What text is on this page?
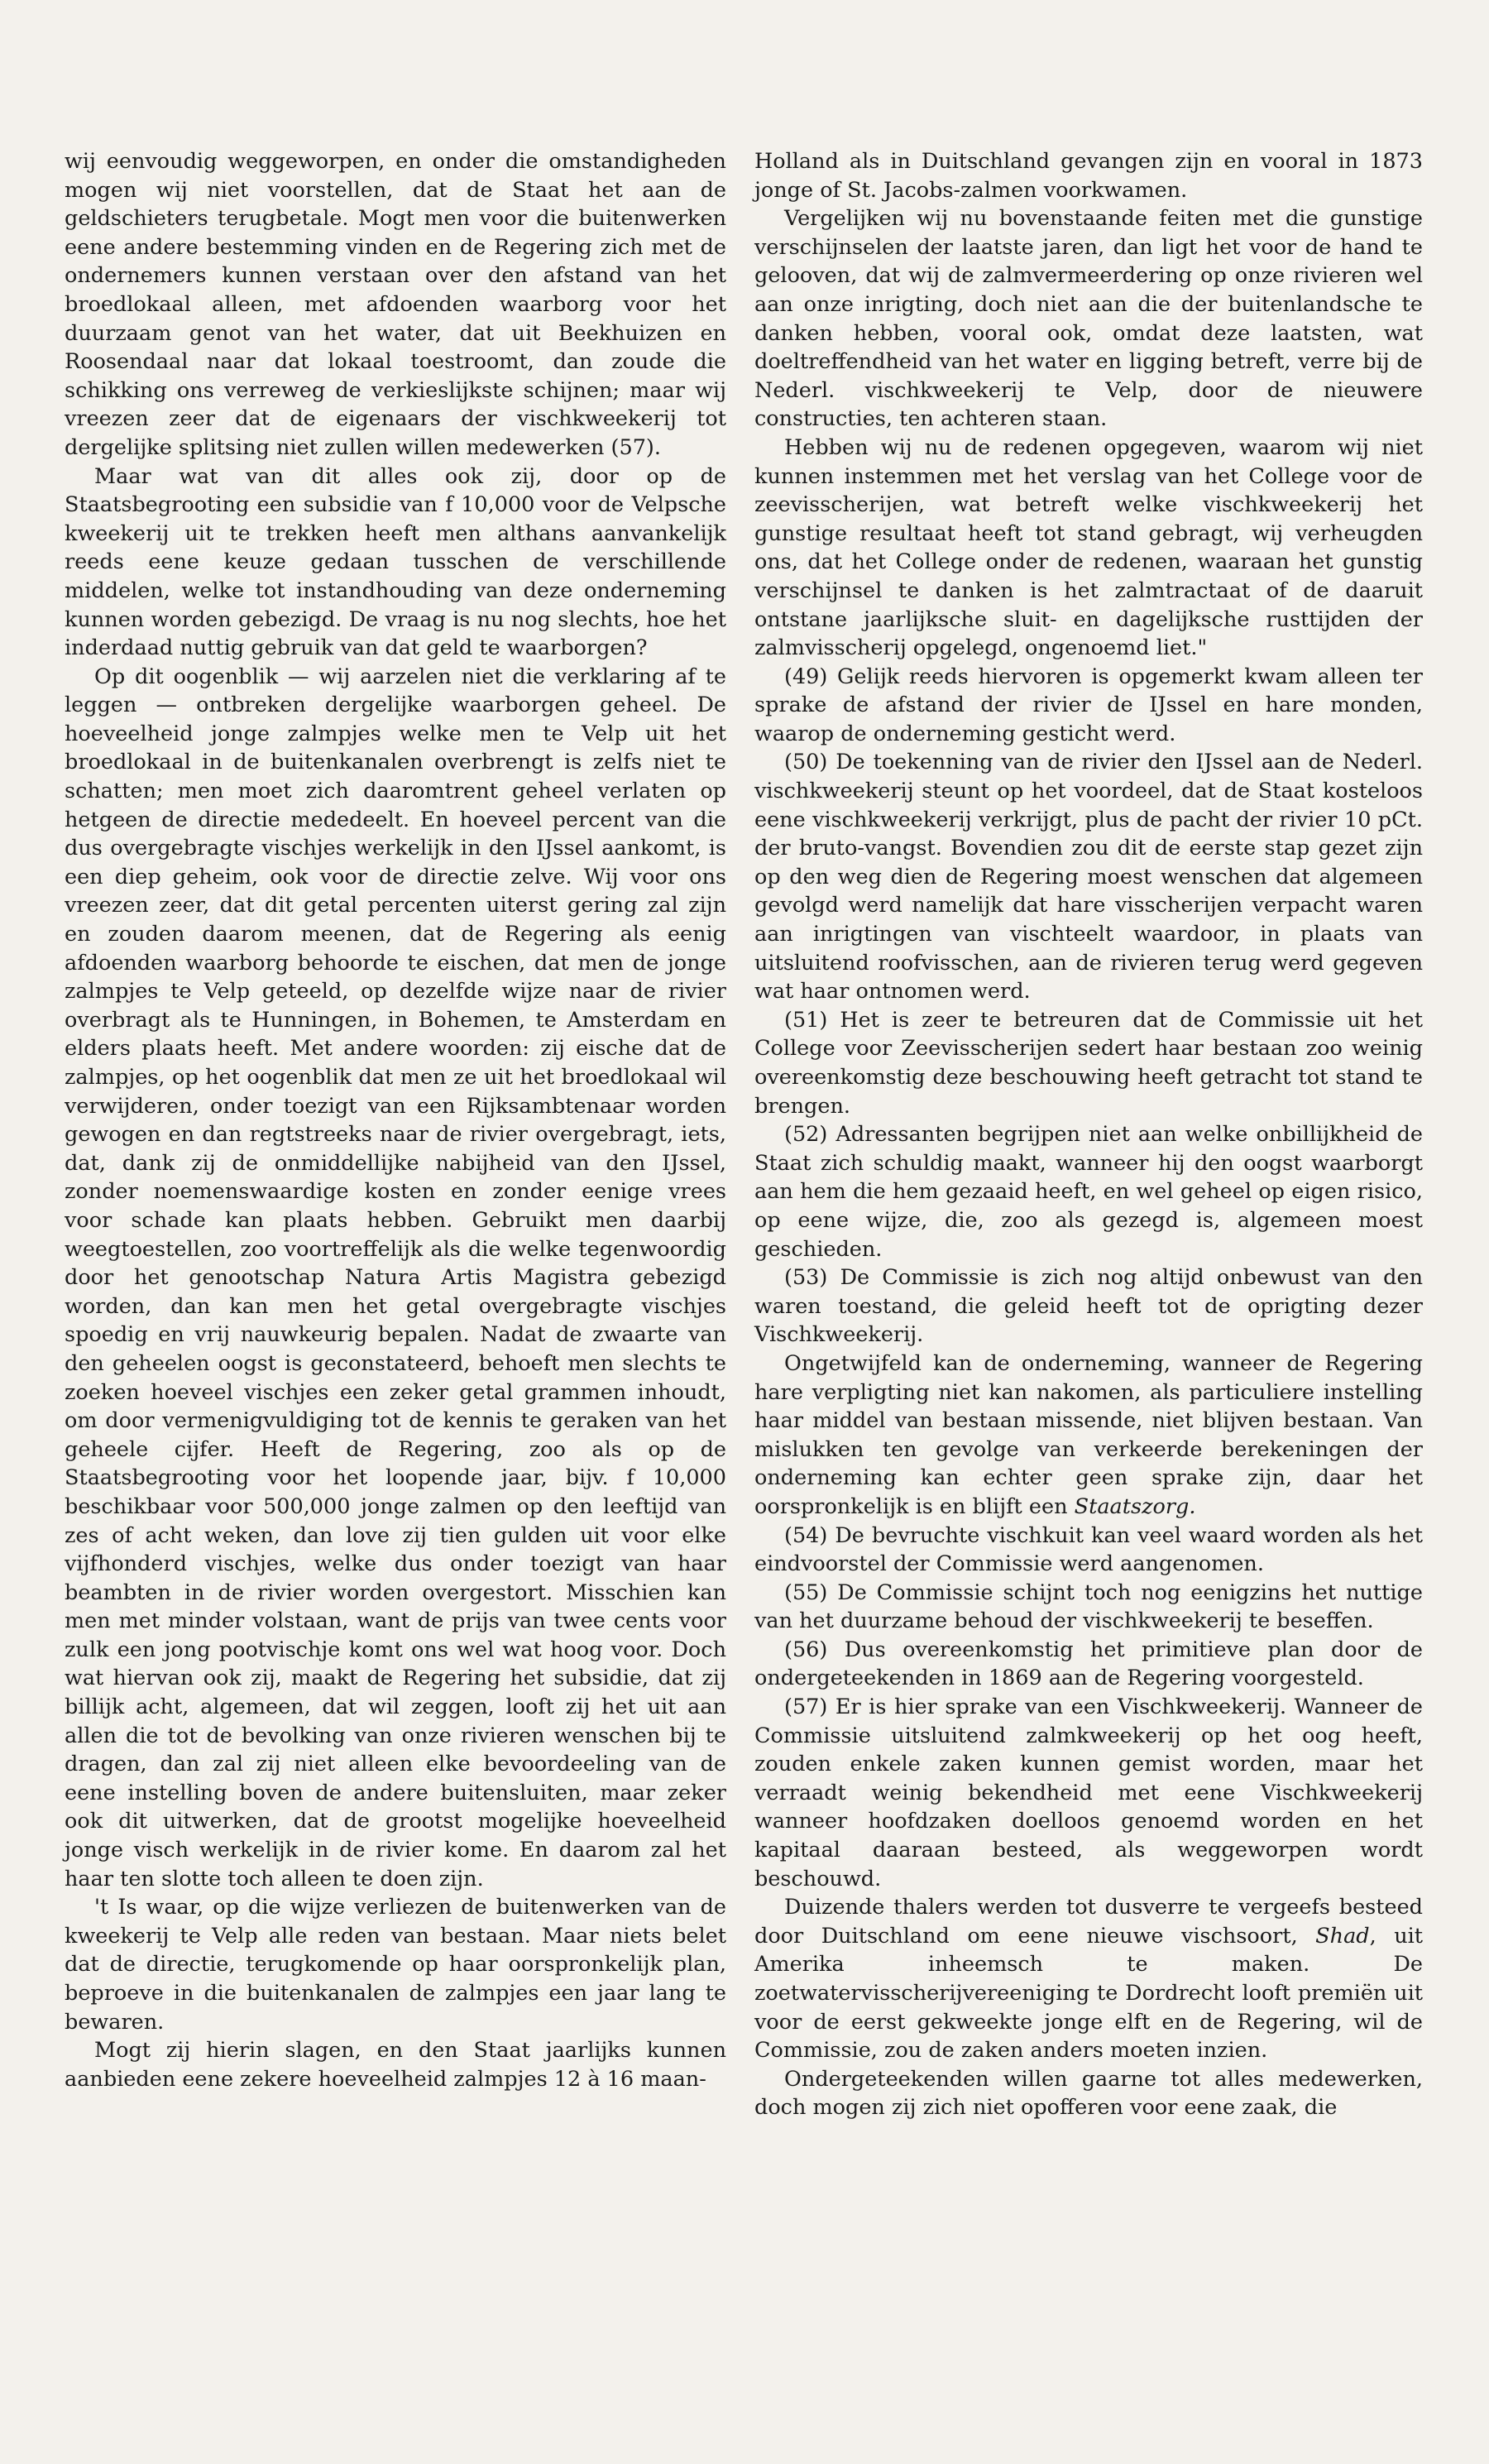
wij eenvoudig weggeworpen, en onder die omstandigheden mogen wij niet voorstellen, dat de Staat het aan de geldschieters terugbetale. Mogt men voor die buitenwerken eene andere bestemming vinden en de Regering zich met de ondernemers kunnen verstaan over den afstand van het broedlokaal alleen, met afdoenden waarborg voor het duurzaam genot van het water, dat uit Beekhuizen en Roosendaal naar dat lokaal toestroomt, dan zoude die schikking ons verreweg de verkieslijkste schijnen; maar wij vreezen zeer dat de eigenaars der vischkweekerij tot dergelijke splitsing niet zullen willen medewerken (57).

Maar wat van dit alles ook zij, door op de Staatsbegrooting een subsidie van f 10,000 voor de Velpsche kweekerij uit te trekken heeft men althans aanvankelijk reeds eene keuze gedaan tusschen de verschillende middelen, welke tot instandhouding van deze onderneming kunnen worden gebezigd. De vraag is nu nog slechts, hoe het inderdaad nuttig gebruik van dat geld te waarborgen?

Op dit oogenblik — wij aarzelen niet die verklaring af te leggen — ontbreken dergelijke waarborgen geheel. De hoeveelheid jonge zalmpjes welke men te Velp uit het broedlokaal in de buitenkanalen overbrengt is zelfs niet te schatten; men moet zich daaromtrent geheel verlaten op hetgeen de directie mededeelt. En hoeveel percent van die dus overgebragte vischjes werkelijk in den IJssel aankomt, is een diep geheim, ook voor de directie zelve. Wij voor ons vreezen zeer, dat dit getal percenten uiterst gering zal zijn en zouden daarom meenen, dat de Regering als eenig afdoenden waarborg behoorde te eischen, dat men de jonge zalmpjes te Velp geteeld, op dezelfde wijze naar de rivier overbragt als te Hunningen, in Bohemen, te Amsterdam en elders plaats heeft. Met andere woorden: zij eische dat de zalmpjes, op het oogenblik dat men ze uit het broedlokaal wil verwijderen, onder toezigt van een Rijksambtenaar worden gewogen en dan regtstreeks naar de rivier overgebragt, iets, dat, dank zij de onmiddellijke nabijheid van den IJssel, zonder noemenswaardige kosten en zonder eenige vrees voor schade kan plaats hebben. Gebruikt men daarbij weegtoestellen, zoo voortreffelijk als die welke tegenwoordig door het genootschap Natura Artis Magistra gebezigd worden, dan kan men het getal overgebragte vischjes spoedig en vrij nauwkeurig bepalen. Nadat de zwaarte van den geheelen oogst is geconstateerd, behoeft men slechts te zoeken hoeveel vischjes een zeker getal grammen inhoudt, om door vermenigvuldiging tot de kennis te geraken van het geheele cijfer. Heeft de Regering, zoo als op de Staatsbegrooting voor het loopende jaar, bijv. f 10,000 beschikbaar voor 500,000 jonge zalmen op den leeftijd van zes of acht weken, dan love zij tien gulden uit voor elke vijfhonderd vischjes, welke dus onder toezigt van haar beambten in de rivier worden overgestort. Misschien kan men met minder volstaan, want de prijs van twee cents voor zulk een jong pootvischje komt ons wel wat hoog voor. Doch wat hiervan ook zij, maakt de Regering het subsidie, dat zij billijk acht, algemeen, dat wil zeggen, looft zij het uit aan allen die tot de bevolking van onze rivieren wenschen bij te dragen, dan zal zij niet alleen elke bevoordeeling van de eene instelling boven de andere buitensluiten, maar zeker ook dit uitwerken, dat de grootst mogelijke hoeveelheid jonge visch werkelijk in de rivier kome. En daarom zal het haar ten slotte toch alleen te doen zijn.

't Is waar, op die wijze verliezen de buitenwerken van de kweekerij te Velp alle reden van bestaan. Maar niets belet dat de directie, terugkomende op haar oorspronkelijk plan, beproeve in die buitenkanalen de zalmpjes een jaar lang te bewaren.

Mogt zij hierin slagen, en den Staat jaarlijks kunnen aanbieden eene zekere hoeveelheid zalmpjes 12 à 16 maan-

Holland als in Duitschland gevangen zijn en vooral in 1873 jonge of St. Jacobs-zalmen voorkwamen.

Vergelijken wij nu bovenstaande feiten met die gunstige verschijnselen der laatste jaren, dan ligt het voor de hand te gelooven, dat wij de zalmvermeerdering op onze rivieren wel aan onze inrigting, doch niet aan die der buitenlandsche te danken hebben, vooral ook, omdat deze laatsten, wat doeltreffendheid van het water en ligging betreft, verre bij de Nederl. vischkweekerij te Velp, door de nieuwere constructies, ten achteren staan.

Hebben wij nu de redenen opgegeven, waarom wij niet kunnen instemmen met het verslag van het College voor de zeevisscherijen, wat betreft welke vischkweekerij het gunstige resultaat heeft tot stand gebragt, wij verheugden ons, dat het College onder de redenen, waaraan het gunstig verschijnsel te danken is het zalmtractaat of de daaruit ontstane jaarlijksche sluit- en dagelijksche rusttijden der zalmvisscherij opgelegd, ongenoemd liet."

(49) Gelijk reeds hiervoren is opgemerkt kwam alleen ter sprake de afstand der rivier de IJssel en hare monden, waarop de onderneming gesticht werd.

(50) De toekenning van de rivier den IJssel aan de Nederl. vischkweekerij steunt op het voordeel, dat de Staat kosteloos eene vischkweekerij verkrijgt, plus de pacht der rivier 10 pCt. der bruto-vangst. Bovendien zou dit de eerste stap gezet zijn op den weg dien de Regering moest wenschen dat algemeen gevolgd werd namelijk dat hare visscherijen verpacht waren aan inrigtingen van vischteelt waardoor, in plaats van uitsluitend roofvisschen, aan de rivieren terug werd gegeven wat haar ontnomen werd.

(51) Het is zeer te betreuren dat de Commissie uit het College voor Zeevisscherijen sedert haar bestaan zoo weinig overeenkomstig deze beschouwing heeft getracht tot stand te brengen.

(52) Adressanten begrijpen niet aan welke onbillijkheid de Staat zich schuldig maakt, wanneer hij den oogst waarborgt aan hem die hem gezaaid heeft, en wel geheel op eigen risico, op eene wijze, die, zoo als gezegd is, algemeen moest geschieden.

(53) De Commissie is zich nog altijd onbewust van den waren toestand, die geleid heeft tot de oprigting dezer Vischkweekerij.

Ongetwijfeld kan de onderneming, wanneer de Regering hare verpligting niet kan nakomen, als particuliere instelling haar middel van bestaan missende, niet blijven bestaan. Van mislukken ten gevolge van verkeerde berekeningen der onderneming kan echter geen sprake zijn, daar het oorspronkelijk is en blijft een Staatszorg.

(54) De bevruchte vischkuit kan veel waard worden als het eindvoorstel der Commissie werd aangenomen.

(55) De Commissie schijnt toch nog eenigzins het nuttige van het duurzame behoud der vischkweekerij te beseffen.

(56) Dus overeenkomstig het primitieve plan door de ondergeteekenden in 1869 aan de Regering voorgesteld.

(57) Er is hier sprake van een Vischkweekerij. Wanneer de Commissie uitsluitend zalmkweekerij op het oog heeft, zouden enkele zaken kunnen gemist worden, maar het verraadt weinig bekendheid met eene Vischkweekerij wanneer hoofdzaken doelloos genoemd worden en het kapitaal daaraan besteed, als weggeworpen wordt beschouwd.

Duizende thalers werden tot dusverre te vergeefs besteed door Duitschland om eene nieuwe vischsoort, Shad, uit Amerika inheemsch te maken. De zoetwatervisscherijvereeniging te Dordrecht looft premiën uit voor de eerst gekweekte jonge elft en de Regering, wil de Commissie, zou de zaken anders moeten inzien.

Ondergeteekenden willen gaarne tot alles medewerken, doch mogen zij zich niet opofferen voor eene zaak, die
